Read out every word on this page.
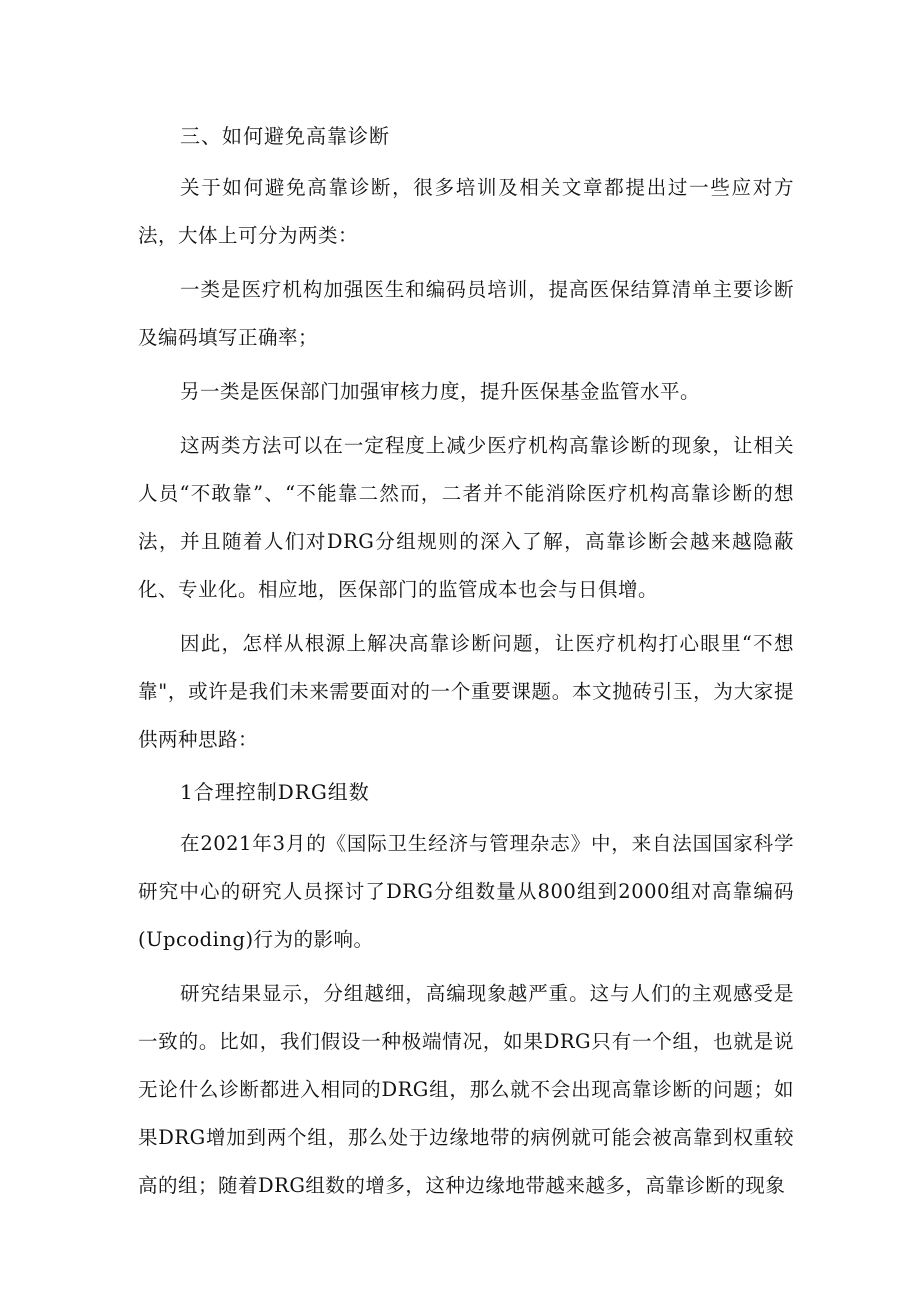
三、如何避免高靠诊断

关于如何避免高靠诊断，很多培训及相关文章都提出过一些应对方法，大体上可分为两类：

一类是医疗机构加强医生和编码员培训，提高医保结算清单主要诊断及编码填写正确率；

另一类是医保部门加强审核力度，提升医保基金监管水平。

这两类方法可以在一定程度上减少医疗机构高靠诊断的现象，让相关人员“不敢靠”、“不能靠二然而，二者并不能消除医疗机构高靠诊断的想法，并且随着人们对DRG分组规则的深入了解，高靠诊断会越来越隐蔽化、专业化。相应地，医保部门的监管成本也会与日俱增。

因此，怎样从根源上解决高靠诊断问题，让医疗机构打心眼里“不想靠"，或许是我们未来需要面对的一个重要课题。本文抛砖引玉，为大家提供两种思路：

1合理控制DRG组数

在2021年3月的《国际卫生经济与管理杂志》中，来自法国国家科学研究中心的研究人员探讨了DRG分组数量从800组到2000组对高靠编码(Upcoding)行为的影响。

研究结果显示，分组越细，高编现象越严重。这与人们的主观感受是一致的。比如，我们假设一种极端情况，如果DRG只有一个组，也就是说无论什么诊断都进入相同的DRG组，那么就不会出现高靠诊断的问题；如果DRG增加到两个组，那么处于边缘地带的病例就可能会被高靠到权重较高的组；随着DRG组数的增多，这种边缘地带越来越多，高靠诊断的现象
